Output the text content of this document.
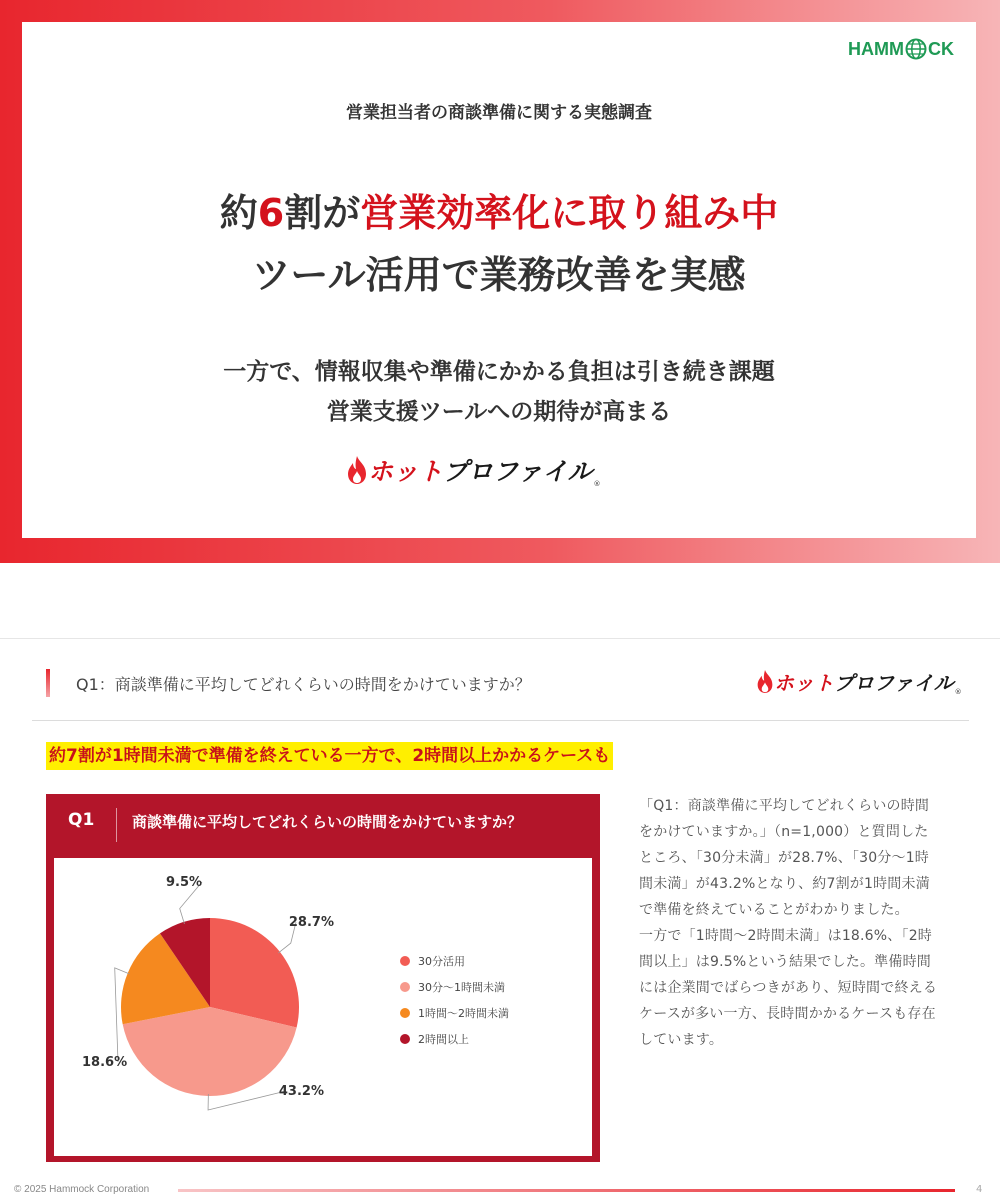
HAMM CK
営業担当者の商談準備に関する実態調査
約6割が営業効率化に取り組み中
ツール活用で業務改善を実感
一方で、情報収集や準備にかかる負担は引き続き課題
営業支援ツールへの期待が高まる
ホット プロファイル ®
Q1：商談準備に平均してどれくらいの時間をかけていますか？	ホット プロファイル ®
約7割が1時間未満で準備を終えている一方で、2時間以上かかるケースも
Q1	商談準備に平均してどれくらいの時間をかけていますか？
28.7%
43.2%
18.6%
9.5%
30分活用
30分～1時間未満
1時間～2時間未満
2時間以上

「Q1：商談準備に平均してどれくらいの時間をかけていますか。」（n=1,000）と質問したところ、「30分未満」が28.7%、「30分～1時間未満」が43.2%となり、約7割が1時間未満で準備を終えていることがわかりました。

一方で「1時間～2時間未満」は18.6%、「2時間以上」は9.5%という結果でした。準備時間には企業間でばらつきがあり、短時間で終えるケースが多い一方、長時間かかるケースも存在しています。

© 2025 Hammock Corporation	4
